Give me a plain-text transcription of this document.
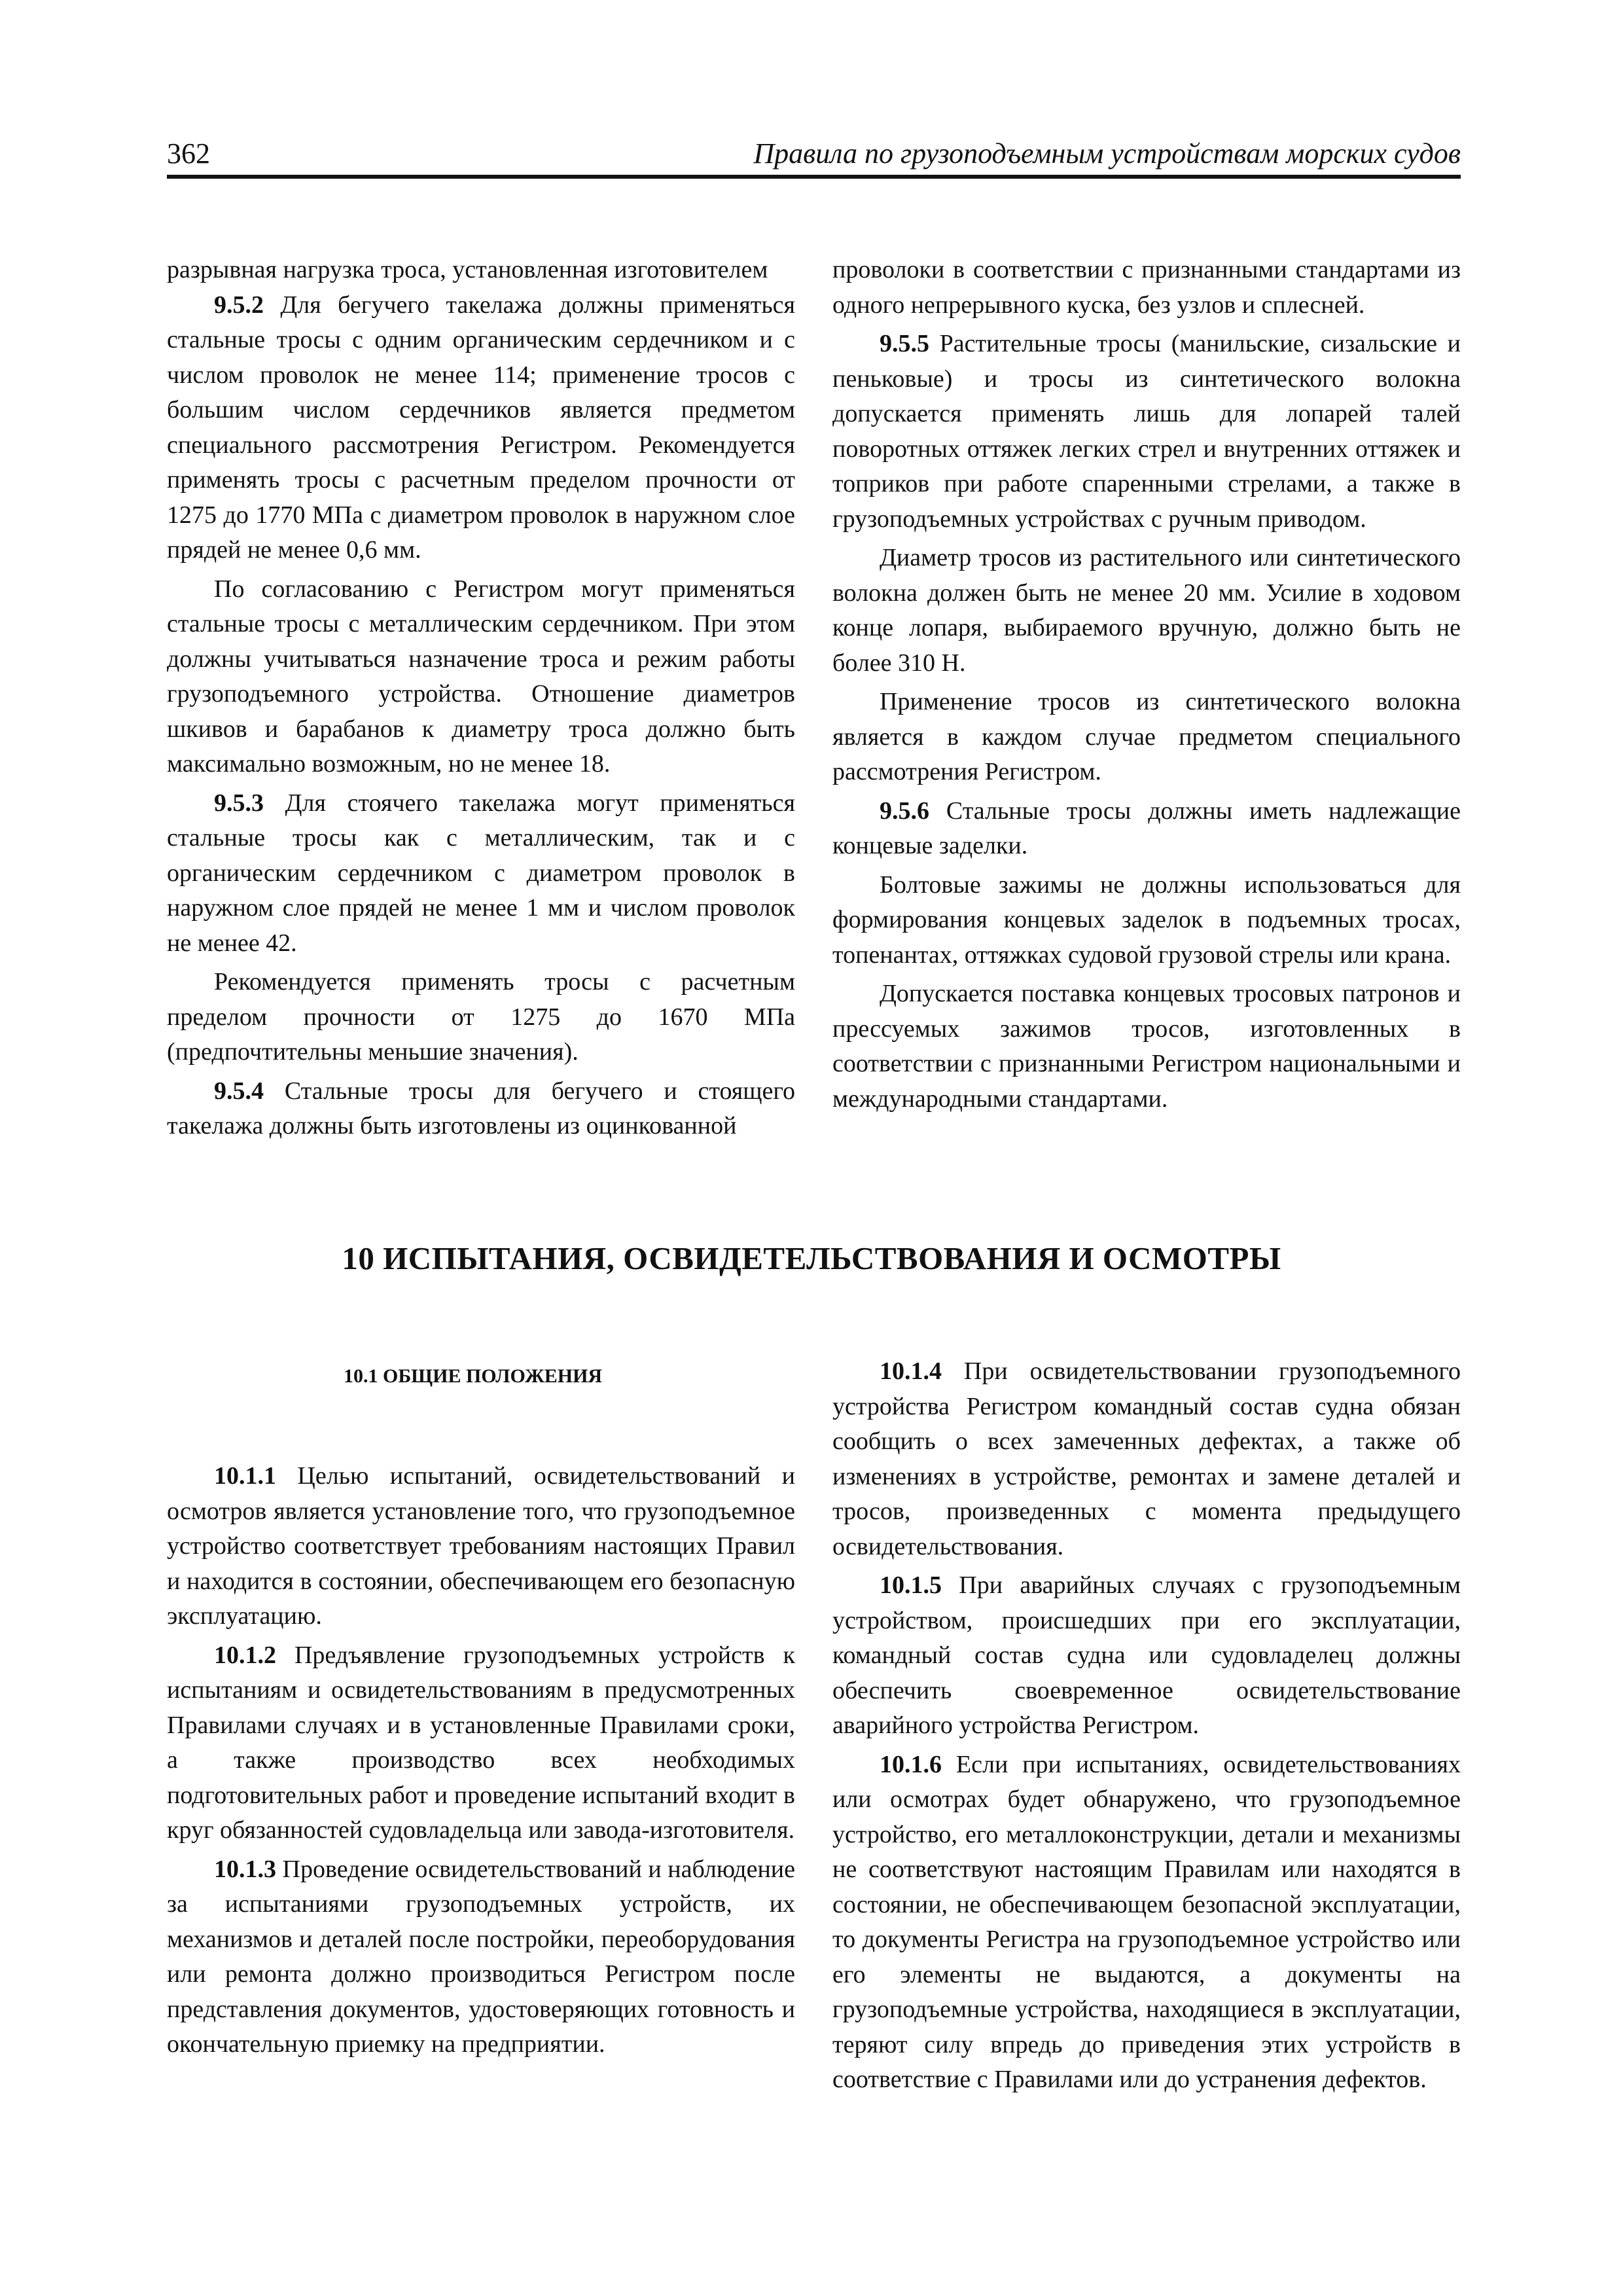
362	Правила по грузоподъемным устройствам морских судов

разрывная нагрузка троса, установленная изготовителем

9.5.2 Для бегучего такелажа должны применяться стальные тросы с одним органическим сердечником и с числом проволок не менее 114; применение тросов с большим числом сердечников является предметом специального рассмотрения Регистром. Рекомендуется применять тросы с расчетным пределом прочности от 1275 до 1770 МПа с диаметром проволок в наружном слое прядей не менее 0,6 мм.

По согласованию с Регистром могут применяться стальные тросы с металлическим сердечником. При этом должны учитываться назначение троса и режим работы грузоподъемного устройства. Отношение диаметров шкивов и барабанов к диаметру троса должно быть максимально возможным, но не менее 18.

9.5.3 Для стоячего такелажа могут применяться стальные тросы как с металлическим, так и с органическим сердечником с диаметром проволок в наружном слое прядей не менее 1 мм и числом проволок не менее 42.

Рекомендуется применять тросы с расчетным пределом прочности от 1275 до 1670 МПа (предпочтительны меньшие значения).

9.5.4 Стальные тросы для бегучего и стоящего такелажа должны быть изготовлены из оцинкованной

проволоки в соответствии с признанными стандартами из одного непрерывного куска, без узлов и сплесней.

9.5.5 Растительные тросы (манильские, сизальские и пеньковые) и тросы из синтетического волокна допускается применять лишь для лопарей талей поворотных оттяжек легких стрел и внутренних оттяжек и топриков при работе спаренными стрелами, а также в грузоподъемных устройствах с ручным приводом.

Диаметр тросов из растительного или синтетического волокна должен быть не менее 20 мм. Усилие в ходовом конце лопаря, выбираемого вручную, должно быть не более 310 Н.

Применение тросов из синтетического волокна является в каждом случае предметом специального рассмотрения Регистром.

9.5.6 Стальные тросы должны иметь надлежащие концевые заделки.

Болтовые зажимы не должны использоваться для формирования концевых заделок в подъемных тросах, топенантах, оттяжках судовой грузовой стрелы или крана.

Допускается поставка концевых тросовых патронов и прессуемых зажимов тросов, изготовленных в соответствии с признанными Регистром национальными и международными стандартами.

10 ИСПЫТАНИЯ, ОСВИДЕТЕЛЬСТВОВАНИЯ И ОСМОТРЫ

10.1 ОБЩИЕ ПОЛОЖЕНИЯ

10.1.1 Целью испытаний, освидетельствований и осмотров является установление того, что грузоподъемное устройство соответствует требованиям настоящих Правил и находится в состоянии, обеспечивающем его безопасную эксплуатацию.

10.1.2 Предъявление грузоподъемных устройств к испытаниям и освидетельствованиям в предусмотренных Правилами случаях и в установленные Правилами сроки, а также производство всех необходимых подготовительных работ и проведение испытаний входит в круг обязанностей судовладельца или завода-изготовителя.

10.1.3 Проведение освидетельствований и наблюдение за испытаниями грузоподъемных устройств, их механизмов и деталей после постройки, переоборудования или ремонта должно производиться Регистром после представления документов, удостоверяющих готовность и окончательную приемку на предприятии.

10.1.4 При освидетельствовании грузоподъемного устройства Регистром командный состав судна обязан сообщить о всех замеченных дефектах, а также об изменениях в устройстве, ремонтах и замене деталей и тросов, произведенных с момента предыдущего освидетельствования.

10.1.5 При аварийных случаях с грузоподъемным устройством, происшедших при его эксплуатации, командный состав судна или судовладелец должны обеспечить своевременное освидетельствование аварийного устройства Регистром.

10.1.6 Если при испытаниях, освидетельствованиях или осмотрах будет обнаружено, что грузоподъемное устройство, его металлоконструкции, детали и механизмы не соответствуют настоящим Правилам или находятся в состоянии, не обеспечивающем безопасной эксплуатации, то документы Регистра на грузоподъемное устройство или его элементы не выдаются, а документы на грузоподъемные устройства, находящиеся в эксплуатации, теряют силу впредь до приведения этих устройств в соответствие с Правилами или до устранения дефектов.
